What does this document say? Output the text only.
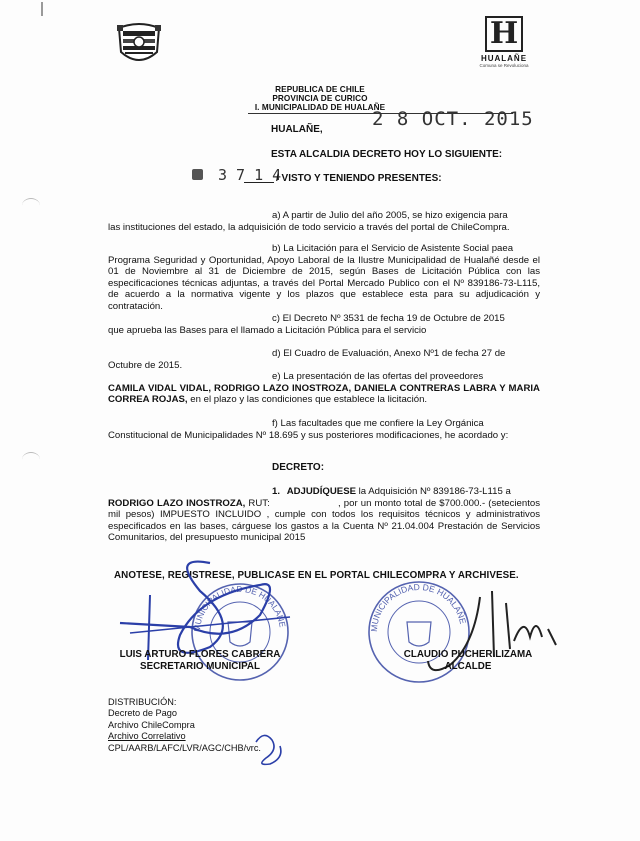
H
HUALAÑE
Comuna se Revoluciona
REPUBLICA DE CHILE
PROVINCIA DE CURICO
I. MUNICIPALIDAD DE HUALAÑE
HUALAÑE,	2 8 OCT. 2015
ESTA ALCALDIA DECRETO HOY LO SIGUIENTE:
3 7 1 4
/ VISTO Y TENIENDO PRESENTES:
a) A partir de Julio del año 2005, se hizo exigencia para
las instituciones del estado, la adquisición de todo servicio a través del portal de ChileCompra.
b) La Licitación para el Servicio de Asistente Social paea
Programa Seguridad y Oportunidad, Apoyo Laboral de la Ilustre Municipalidad de Hualañé desde el 01 de Noviembre al 31 de Diciembre de 2015, según Bases de Licitación Pública con las especificaciones técnicas adjuntas, a través del Portal Mercado Publico con el Nº 839186-73-L115, de acuerdo a la normativa vigente y los plazos que establece esta para su adjudicación y contratación.
c) El Decreto Nº 3531 de fecha 19 de Octubre de 2015
que aprueba las Bases para el llamado a Licitación Pública para el servicio
d) El Cuadro de Evaluación, Anexo Nº1 de fecha 27 de
Octubre de 2015.
e) La presentación de las ofertas del proveedores
CAMILA VIDAL VIDAL, RODRIGO LAZO INOSTROZA, DANIELA CONTRERAS LABRA Y MARIA CORREA ROJAS, en el plazo y las condiciones que establece la licitación.
f) Las facultades que me confiere la Ley Orgánica
Constitucional de Municipalidades Nº 18.695 y sus posteriores modificaciones, he acordado y:
DECRETO:
1. ADJUDÍQUESE la Adquisición Nº 839186-73-L115 a
RODRIGO LAZO INOSTROZA, RUT:                      , por un monto total de $700.000.- (setecientos mil pesos) IMPUESTO INCLUIDO , cumple con todos los requisitos técnicos y administrativos especificados en las bases, cárguese los gastos a la Cuenta Nº 21.04.004 Prestación de Servicios Comunitarios, del presupuesto municipal 2015
ANOTESE, REGISTRESE, PUBLICASE EN EL PORTAL CHILECOMPRA Y ARCHIVESE.
MUNICIPALIDAD DE HUALAÑE	MUNICIPALIDAD DE HUALAÑE
LUIS ARTURO FLORES CABRERA
SECRETARIO MUNICIPAL
CLAUDIO PUCHER LIZAMA
ALCALDE
DISTRIBUCIÓN:
Decreto de Pago
Archivo ChileCompra
Archivo Correlativo
CPL/AARB/LAFC/LVR/AGC/CHB/vrc.
